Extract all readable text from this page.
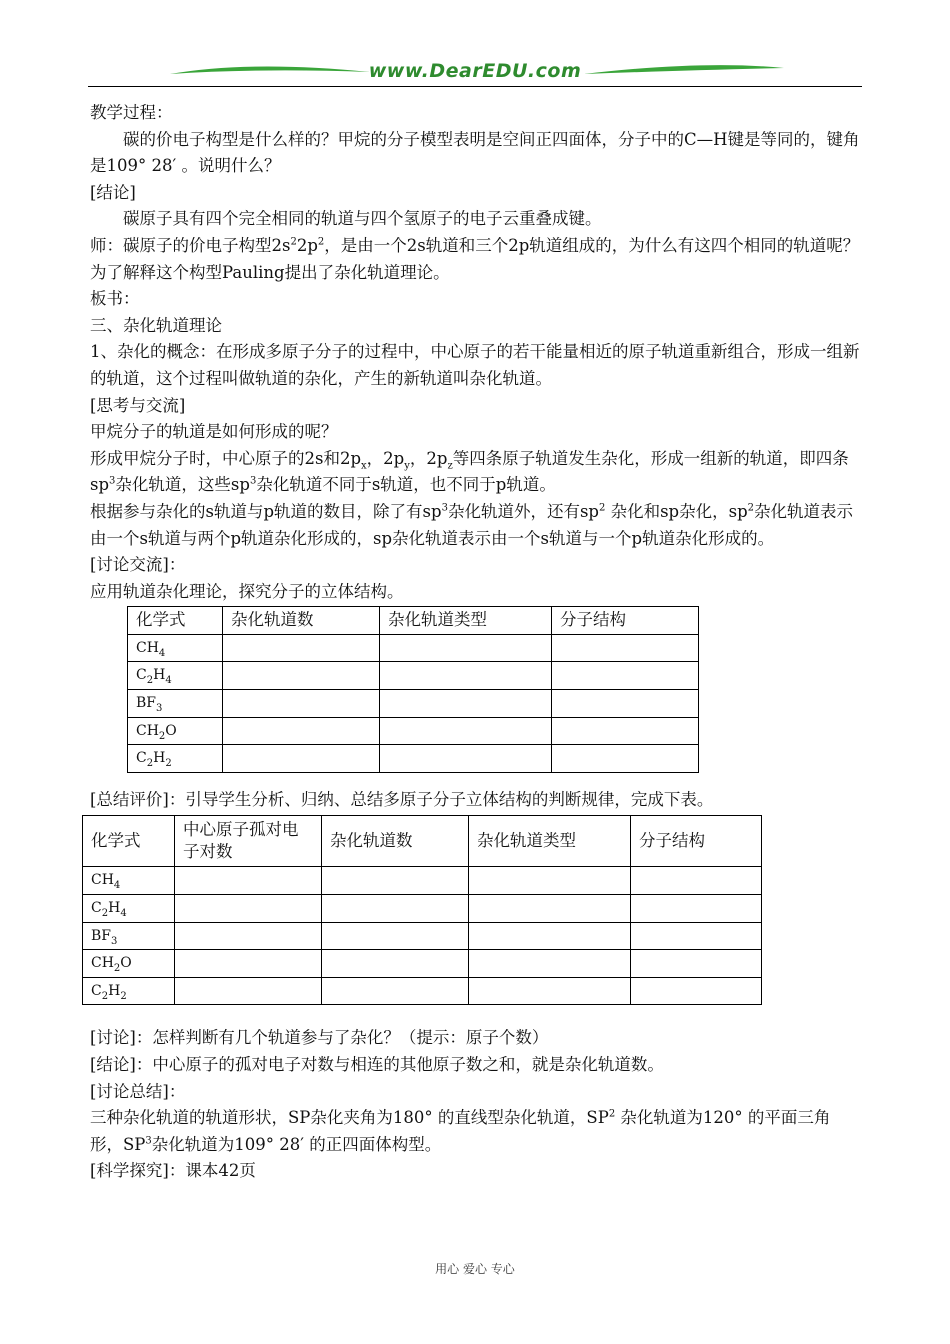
www.DearEDU.com

教学过程：

碳的价电子构型是什么样的？甲烷的分子模型表明是空间正四面体，分子中的C—H键是等同的，键角是109° 28′ 。说明什么？

[结论]

碳原子具有四个完全相同的轨道与四个氢原子的电子云重叠成键。

师：碳原子的价电子构型$2s^22p^2$，是由一个2s轨道和三个2p轨道组成的，为什么有这四个相同的轨道呢？

为了解释这个构型Pauling提出了杂化轨道理论。

板书：

三、杂化轨道理论

1、杂化的概念：在形成多原子分子的过程中，中心原子的若干能量相近的原子轨道重新组合，形成一组新的轨道，这个过程叫做轨道的杂化，产生的新轨道叫杂化轨道。

[思考与交流]

甲烷分子的轨道是如何形成的呢？

形成甲烷分子时，中心原子的2s和$2p_x$，$2p_y$，$2p_z$等四条原子轨道发生杂化，形成一组新的轨道，即四条$sp^3$杂化轨道，这些$sp^3$杂化轨道不同于s轨道，也不同于p轨道。

根据参与杂化的s轨道与p轨道的数目，除了有$sp^3$杂化轨道外，还有$sp^2$ 杂化和sp杂化，$sp^2$杂化轨道表示由一个s轨道与两个p轨道杂化形成的，sp杂化轨道表示由一个s轨道与一个p轨道杂化形成的。

[讨论交流]：

应用轨道杂化理论，探究分子的立体结构。

化学式	杂化轨道数	杂化轨道类型	分子结构
$CH_4$			
$C_2H_4$			
$BF_3$			
$CH_2O$			
$C_2H_2$			

[总结评价]：引导学生分析、归纳、总结多原子分子立体结构的判断规律，完成下表。

化学式	中心原子孤对电子对数	杂化轨道数	杂化轨道类型	分子结构
$CH_4$				
$C_2H_4$				
$BF_3$				
$CH_2O$				
$C_2H_2$				

[讨论]：怎样判断有几个轨道参与了杂化？（提示：原子个数）

[结论]：中心原子的孤对电子对数与相连的其他原子数之和，就是杂化轨道数。

[讨论总结]：

三种杂化轨道的轨道形状，SP杂化夹角为180° 的直线型杂化轨道，$SP^2$ 杂化轨道为120° 的平面三角形，$SP^3$杂化轨道为109° 28′ 的正四面体构型。

[科学探究]：课本42页

用心 爱心 专心
